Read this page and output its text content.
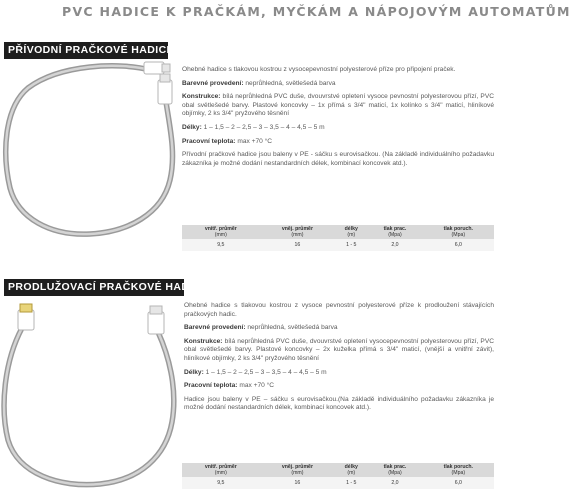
PVC HADICE K PRAČKÁM, MYČKÁM A NÁPOJOVÝM AUTOMATŮM
PŘÍVODNÍ PRAČKOVÉ HADICE

Ohebné hadice s tlakovou kostrou z vysocepevnostní polyesterové příze pro připojení praček.

Barevné provedení: neprůhledná, světlešedá barva

Konstrukce: bílá neprůhledná PVC duše, dvouvrstvé opletení vysoce pevnostní polyesterovou přízí, PVC obal světlešedé barvy. Plastové koncovky – 1x přímá s 3/4" maticí, 1x kolínko s 3/4" maticí, hliníkové objímky, 2 ks 3/4" pryžového těsnění

Délky: 1 – 1,5 – 2 – 2,5 – 3 – 3,5 – 4 – 4,5 – 5 m

Pracovní teplota: max +70 °C

Přívodní pračkové hadice jsou baleny v PE - sáčku s eurovisačkou. (Na základě individuálního požadavku zákazníka je možné dodání nestandardních délek, kombinací koncovek atd.).

vnitř. průměr
(mm)	vněj. průměr
(mm)	délky
(m)	tlak prac.
(Mpa)	tlak poruch.
(Mpa)

9,5	16	1 - 5	2,0	6,0
PRODLUŽOVACÍ PRAČKOVÉ HADICE

Ohebné hadice s tlakovou kostrou z vysoce pevnostní polyesterové příze k prodloužení stávajících pračkových hadic.

Barevné provedení: neprůhledná, světlešedá barva

Konstrukce: bílá neprůhledná PVC duše, dvouvrstvé opletení vysocepevnostní polyesterovou přízí, PVC obal světlešedé barvy. Plastové koncovky – 2x kuželka přímá s 3/4" maticí, (vnější a vnitřní závit), hliníkové objímky, 2 ks 3/4" pryžového těsnění

Délky: 1 – 1,5 – 2 – 2,5 – 3 – 3,5 – 4 – 4,5 – 5 m

Pracovní teplota: max +70 °C

Hadice jsou baleny v PE – sáčku s eurovisačkou.(Na základě individuálního požadavku zákazníka je možné dodání nestandardních délek, kombinací koncovek atd.).

vnitř. průměr
(mm)	vněj. průměr
(mm)	délky
(m)	tlak prac.
(Mpa)	tlak poruch.
(Mpa)

9,5	16	1 - 5	2,0	6,0
